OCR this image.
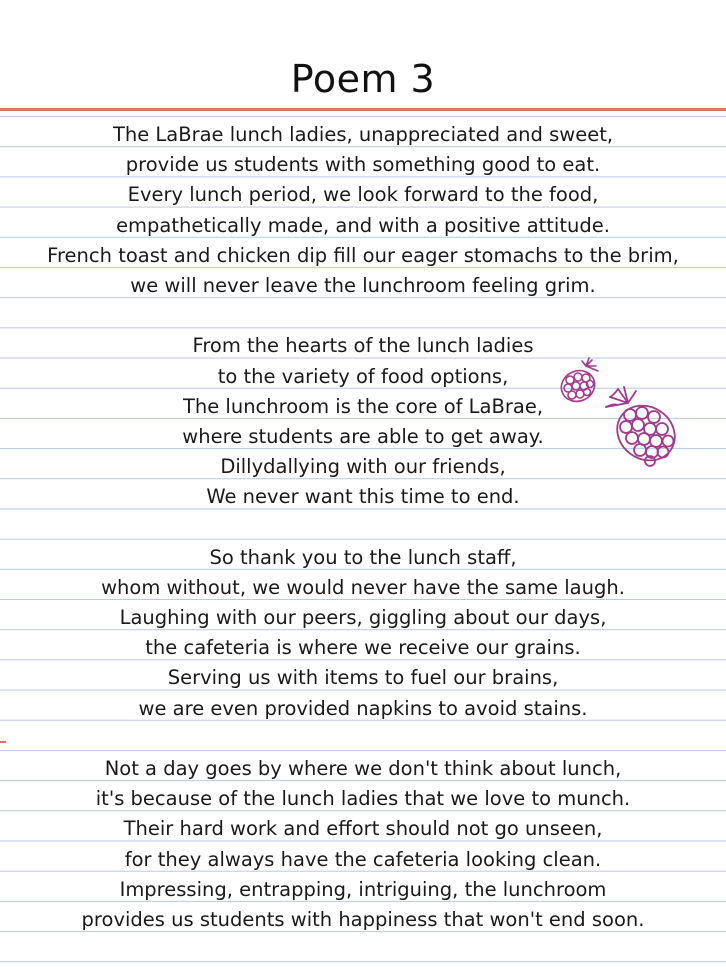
Poem 3
The LaBrae lunch ladies, unappreciated and sweet,
provide us students with something good to eat.
Every lunch period, we look forward to the food,
empathetically made, and with a positive attitude.
French toast and chicken dip fill our eager stomachs to the brim,
we will never leave the lunchroom feeling grim.
From the hearts of the lunch ladies
to the variety of food options,
The lunchroom is the core of LaBrae,
where students are able to get away.
Dillydallying with our friends,
We never want this time to end.
So thank you to the lunch staff,
whom without, we would never have the same laugh.
Laughing with our peers, giggling about our days,
the cafeteria is where we receive our grains.
Serving us with items to fuel our brains,
we are even provided napkins to avoid stains.
Not a day goes by where we don't think about lunch,
it's because of the lunch ladies that we love to munch.
Their hard work and effort should not go unseen,
for they always have the cafeteria looking clean.
Impressing, entrapping, intriguing, the lunchroom
provides us students with happiness that won't end soon.
